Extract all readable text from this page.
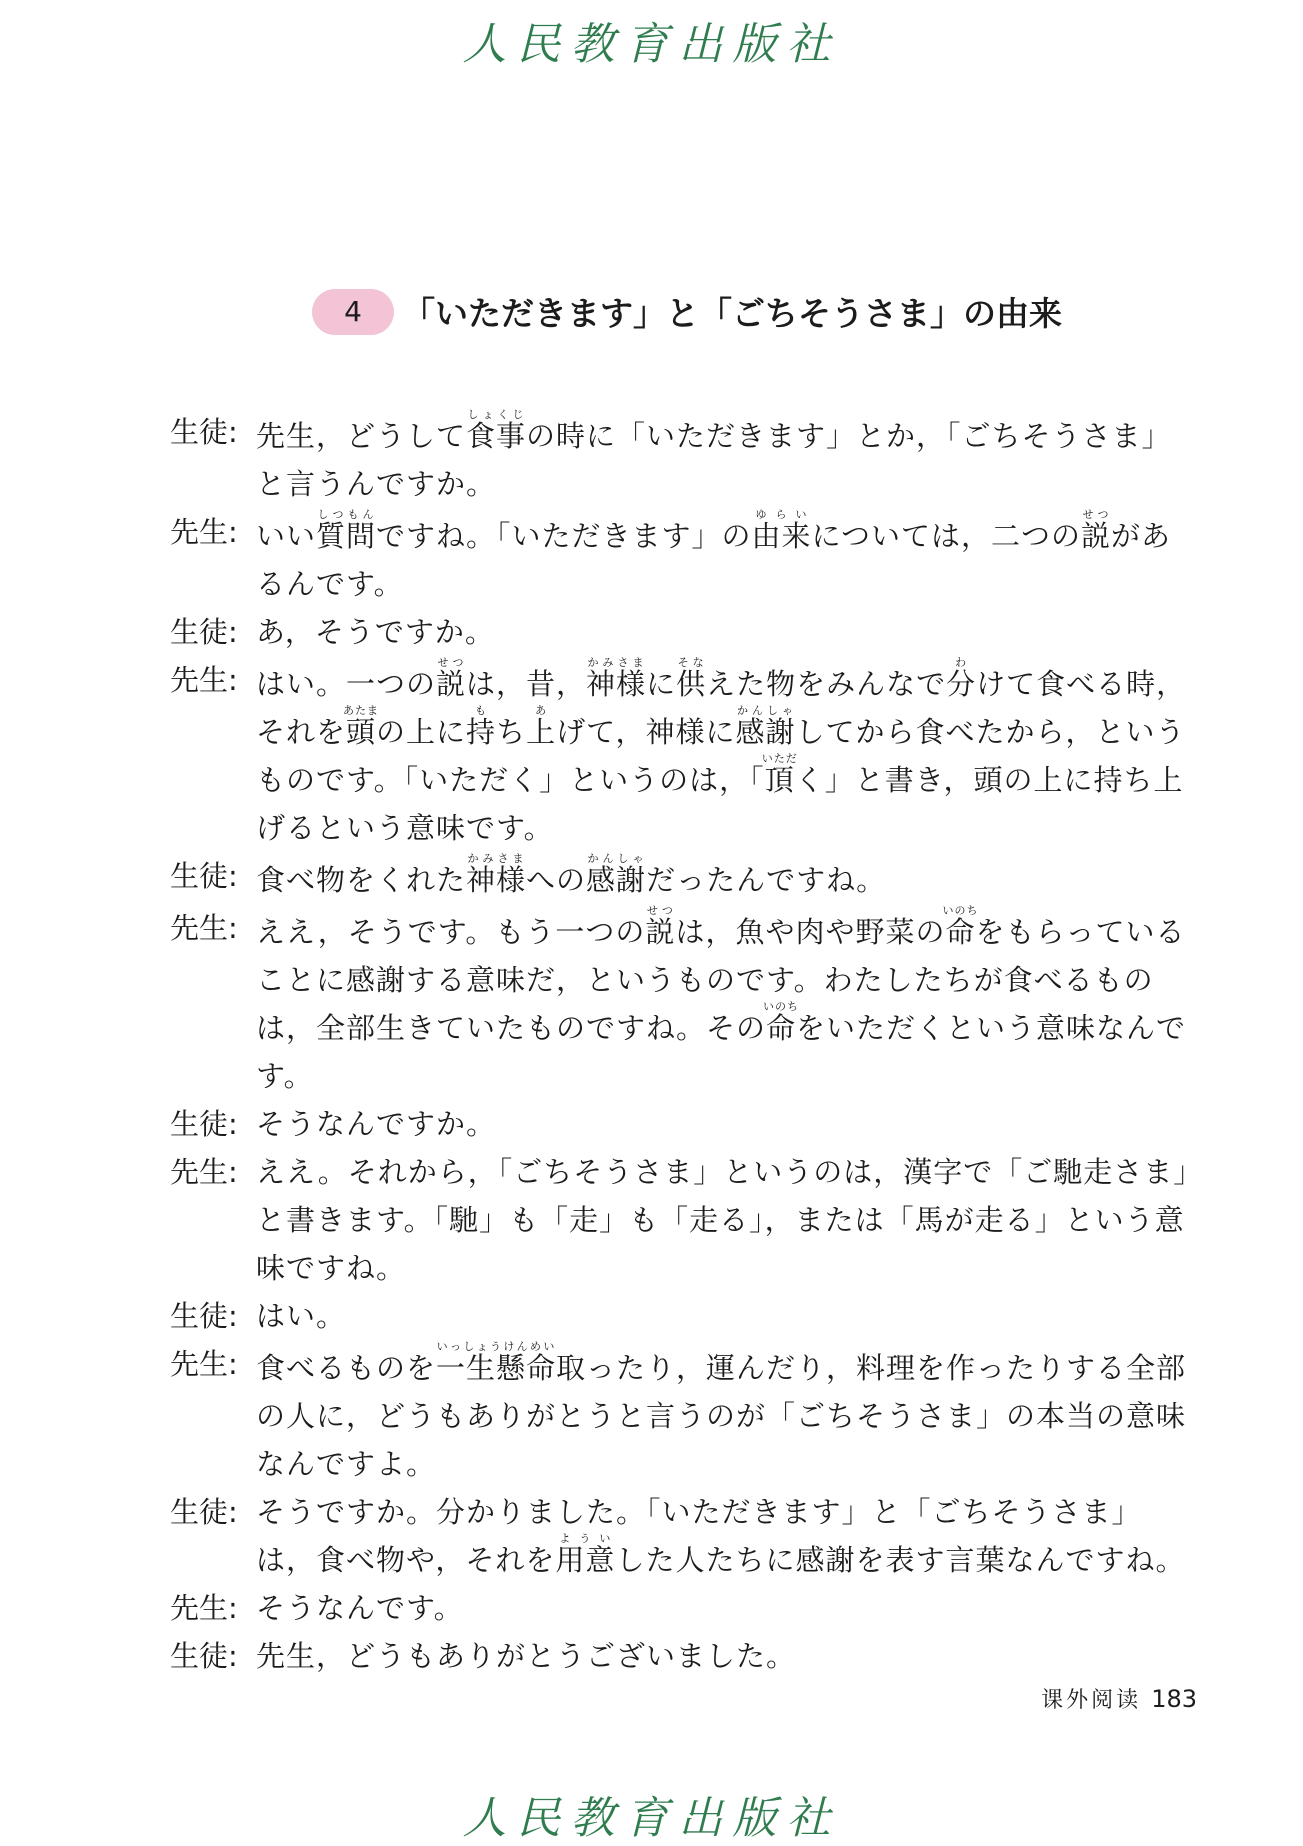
人民教育出版社
4	「いただきます」と「ごちそうさま」の由来
生徒: 先生，どうして食事しょくじの時に「いただきます」とか，「ごちそうさま」と言うんですか。
先生: いい質問しつもんですね。「いただきます」の由来ゆらいについては，二つの説せつがあるんです。
生徒: あ，そうですか。
先生: はい。一つの説せつは，昔，神様かみさまに供そなえた物をみんなで分わけて食べる時，それを頭あたまの上に持もち上あげて，神様に感謝かんしゃしてから食べたから，というものです。「いただく」というのは，「頂いただく」と書き，頭の上に持ち上げるという意味です。
生徒: 食べ物をくれた神様かみさまへの感謝かんしゃだったんですね。
先生: ええ，そうです。もう一つの説せつは，魚や肉や野菜の命いのちをもらっていることに感謝する意味だ，というものです。わたしたちが食べるものは，全部生きていたものですね。その命いのちをいただくという意味なんです。
生徒: そうなんですか。
先生: ええ。それから，「ごちそうさま」というのは，漢字で「ご馳走さま」と書きます。「馳」も「走」も「走る」，または「馬が走る」という意味ですね。
生徒: はい。
先生: 食べるものを一生懸命いっしょうけんめい取ったり，運んだり，料理を作ったりする全部の人に，どうもありがとうと言うのが「ごちそうさま」の本当の意味なんですよ。
生徒: そうですか。分かりました。「いただきます」と「ごちそうさま」は，食べ物や，それを用意よういした人たちに感謝を表す言葉なんですね。
先生: そうなんです。
生徒: 先生，どうもありがとうございました。
课外阅读 183
人民教育出版社
